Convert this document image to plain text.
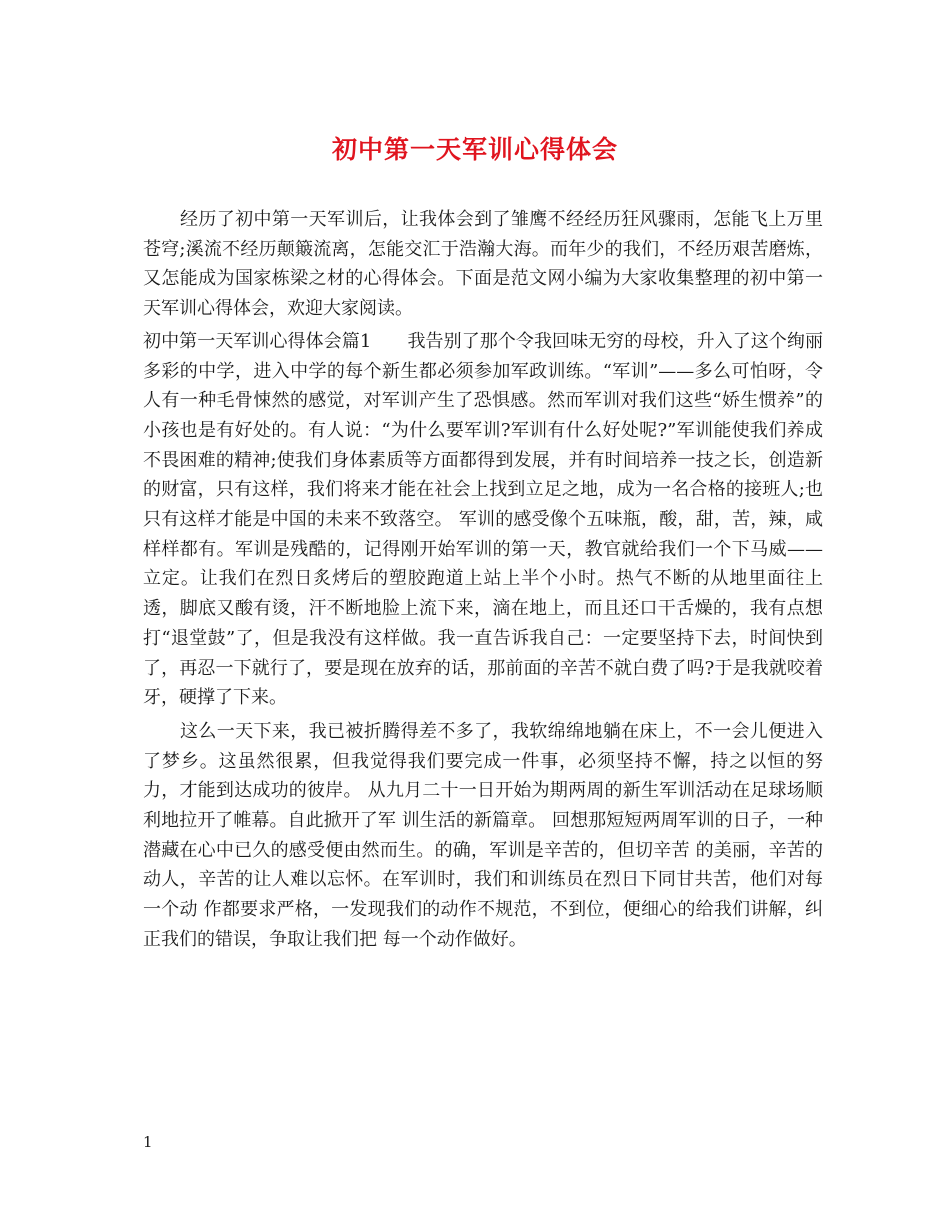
初中第一天军训心得体会

经历了初中第一天军训后，让我体会到了雏鹰不经经历狂风骤雨，怎能飞上万里苍穹;溪流不经历颠簸流离，怎能交汇于浩瀚大海。而年少的我们，不经历艰苦磨炼，又怎能成为国家栋梁之材的心得体会。下面是范文网小编为大家收集整理的初中第一天军训心得体会，欢迎大家阅读。

初中第一天军训心得体会篇1　　我告别了那个令我回味无穷的母校，升入了这个绚丽多彩的中学，进入中学的每个新生都必须参加军政训练。“军训”——多么可怕呀，令人有一种毛骨悚然的感觉，对军训产生了恐惧感。然而军训对我们这些“娇生惯养”的小孩也是有好处的。有人说：“为什么要军训?军训有什么好处呢?”军训能使我们养成不畏困难的精神;使我们身体素质等方面都得到发展，并有时间培养一技之长，创造新的财富，只有这样，我们将来才能在社会上找到立足之地，成为一名合格的接班人;也只有这样才能是中国的未来不致落空。 军训的感受像个五味瓶，酸，甜，苦，辣，咸样样都有。军训是残酷的，记得刚开始军训的第一天，教官就给我们一个下马威——立定。让我们在烈日炙烤后的塑胶跑道上站上半个小时。热气不断的从地里面往上透，脚底又酸有烫，汗不断地脸上流下来，滴在地上，而且还口干舌燥的，我有点想打“退堂鼓”了，但是我没有这样做。我一直告诉我自己：一定要坚持下去，时间快到了，再忍一下就行了，要是现在放弃的话，那前面的辛苦不就白费了吗?于是我就咬着牙，硬撑了下来。

这么一天下来，我已被折腾得差不多了，我软绵绵地躺在床上，不一会儿便进入了梦乡。这虽然很累，但我觉得我们要完成一件事，必须坚持不懈，持之以恒的努力，才能到达成功的彼岸。 从九月二十一日开始为期两周的新生军训活动在足球场顺利地拉开了帷幕。自此掀开了军 训生活的新篇章。 回想那短短两周军训的日子，一种潜藏在心中已久的感受便由然而生。的确，军训是辛苦的，但切辛苦 的美丽，辛苦的动人，辛苦的让人难以忘怀。在军训时，我们和训练员在烈日下同甘共苦，他们对每一个动 作都要求严格，一发现我们的动作不规范，不到位，便细心的给我们讲解，纠正我们的错误，争取让我们把 每一个动作做好。

1
